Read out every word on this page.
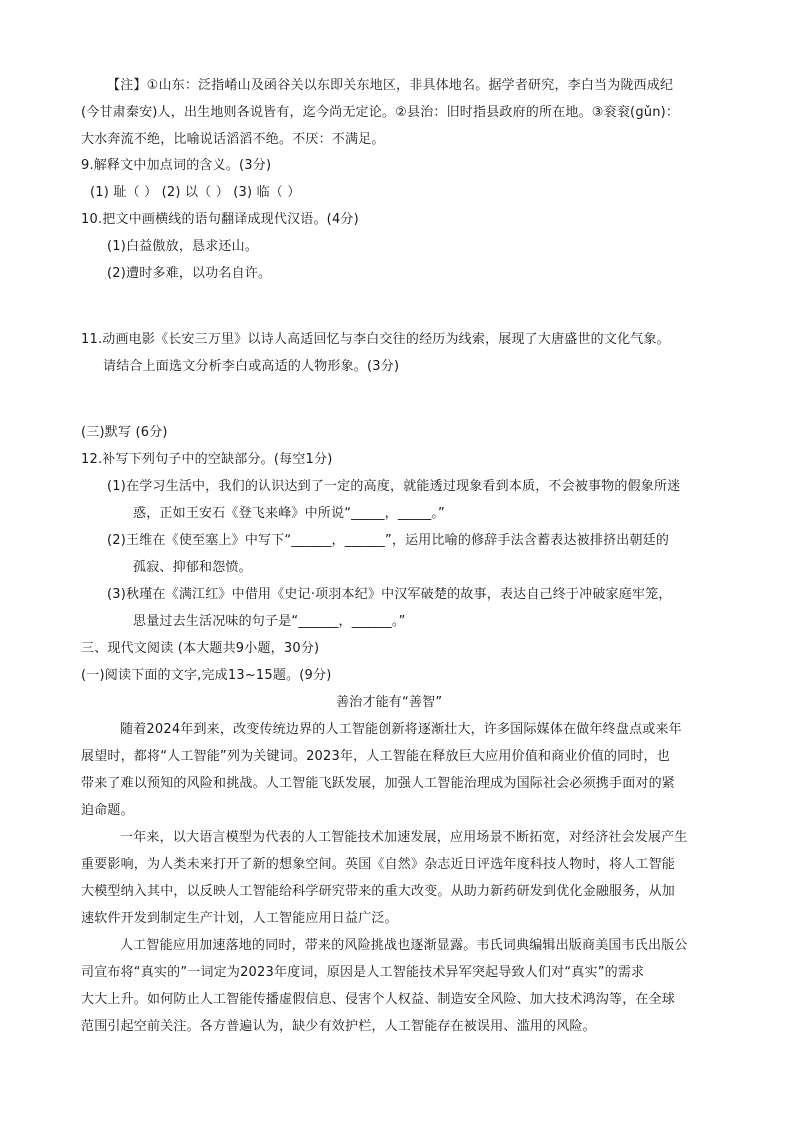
【注】①山东：泛指崤山及函谷关以东即关东地区，非具体地名。据学者研究，李白当为陇西成纪
(今甘肃秦安)人，出生地则各说皆有，迄今尚无定论。②县治：旧时指县政府的所在地。③衮衮(gǔn)：
大水奔流不绝，比喻说话滔滔不绝。不厌：不满足。
9.解释文中加点词的含义。(3分)
(1) 耻（ ） (2) 以（ ） (3) 临（ ）
10.把文中画横线的语句翻译成现代汉语。(4分)
(1)白益傲放，恳求还山。
(2)遭时多难，以功名自许。
11.动画电影《长安三万里》以诗人高适回忆与李白交往的经历为线索，展现了大唐盛世的文化气象。
请结合上面选文分析李白或高适的人物形象。(3分)
(三)默写 (6分)
12.补写下列句子中的空缺部分。(每空1分)
(1)在学习生活中，我们的认识达到了一定的高度，就能透过现象看到本质，不会被事物的假象所迷
惑，正如王安石《登飞来峰》中所说“_____，_____。”
(2)王维在《使至塞上》中写下“______，______”，运用比喻的修辞手法含蓄表达被排挤出朝廷的
孤寂、抑郁和怨愤。
(3)秋瑾在《满江红》中借用《史记·项羽本纪》中汉军破楚的故事，表达自己终于冲破家庭牢笼，
思量过去生活况味的句子是“______，______。”
三、现代文阅读 (本大题共9小题，30分)
(一)阅读下面的文字,完成13~15题。(9分)
善治才能有“善智”
随着2024年到来，改变传统边界的人工智能创新将逐渐壮大，许多国际媒体在做年终盘点或来年
展望时，都将“人工智能”列为关键词。2023年，人工智能在释放巨大应用价值和商业价值的同时，也
带来了难以预知的风险和挑战。人工智能飞跃发展，加强人工智能治理成为国际社会必须携手面对的紧
迫命题。
一年来，以大语言模型为代表的人工智能技术加速发展，应用场景不断拓宽，对经济社会发展产生
重要影响，为人类未来打开了新的想象空间。英国《自然》杂志近日评选年度科技人物时，将人工智能
大模型纳入其中，以反映人工智能给科学研究带来的重大改变。从助力新药研发到优化金融服务，从加
速软件开发到制定生产计划，人工智能应用日益广泛。
人工智能应用加速落地的同时，带来的风险挑战也逐渐显露。韦氏词典编辑出版商美国韦氏出版公
司宣布将“真实的”一词定为2023年度词，原因是人工智能技术异军突起导致人们对“真实”的需求
大大上升。如何防止人工智能传播虚假信息、侵害个人权益、制造安全风险、加大技术鸿沟等，在全球
范围引起空前关注。各方普遍认为，缺少有效护栏，人工智能存在被误用、滥用的风险。
